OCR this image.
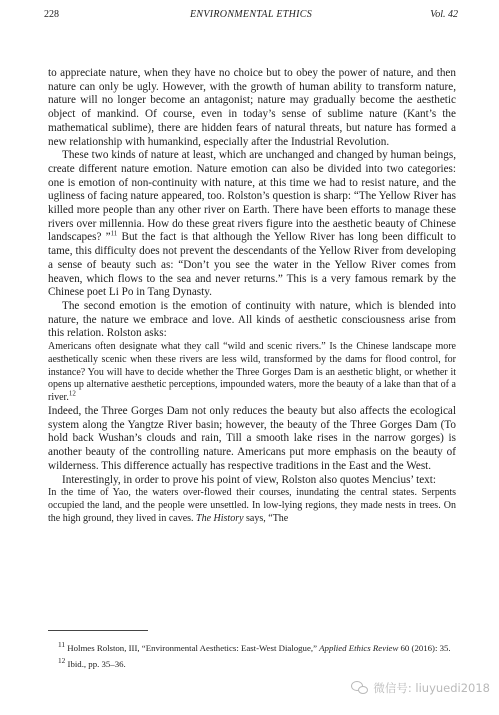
228	ENVIRONMENTAL ETHICS	Vol. 42

to appreciate nature, when they have no choice but to obey the power of nature, and then nature can only be ugly. However, with the growth of human ability to transform nature, nature will no longer become an antagonist; nature may gradually become the aesthetic object of mankind. Of course, even in today’s sense of sublime nature (Kant’s the mathematical sublime), there are hidden fears of natural threats, but nature has formed a new relationship with humankind, especially after the Industrial Revolution.

These two kinds of nature at least, which are unchanged and changed by human beings, create different nature emotion. Nature emotion can also be divided into two categories: one is emotion of non-continuity with nature, at this time we had to resist nature, and the ugliness of facing nature appeared, too. Rolston’s question is sharp: “The Yellow River has killed more people than any other river on Earth. There have been efforts to manage these rivers over millennia. How do these great rivers figure into the aesthetic beauty of Chinese landscapes? ”$^{11}$ But the fact is that although the Yellow River has long been difficult to tame, this difficulty does not prevent the descendants of the Yellow River from developing a sense of beauty such as: “Don’t you see the water in the Yellow River comes from heaven, which flows to the sea and never returns.” This is a very famous remark by the Chinese poet Li Po in Tang Dynasty.

The second emotion is the emotion of continuity with nature, which is blended into nature, the nature we embrace and love. All kinds of aesthetic consciousness arise from this relation. Rolston asks:

Americans often designate what they call “wild and scenic rivers.” Is the Chinese landscape more aesthetically scenic when these rivers are less wild, transformed by the dams for flood control, for instance? You will have to decide whether the Three Gorges Dam is an aesthetic blight, or whether it opens up alternative aesthetic perceptions, impounded waters, more the beauty of a lake than that of a river.$^{12}$

Indeed, the Three Gorges Dam not only reduces the beauty but also affects the ecological system along the Yangtze River basin; however, the beauty of the Three Gorges Dam (To hold back Wushan’s clouds and rain, Till a smooth lake rises in the narrow gorges) is another beauty of the controlling nature. Americans put more emphasis on the beauty of wilderness. This difference actually has respective traditions in the East and the West.

Interestingly, in order to prove his point of view, Rolston also quotes Mencius’ text:

In the time of Yao, the waters over-flowed their courses, inundating the central states. Serpents occupied the land, and the people were unsettled. In low-lying regions, they made nests in trees. On the high ground, they lived in caves. The History says, “The

$^{11}$ Holmes Rolston, III, “Environmental Aesthetics: East-West Dialogue,” Applied Ethics Review 60 (2016): 35.

$^{12}$ Ibid., pp. 35–36.

微信号: liuyuedi2018
